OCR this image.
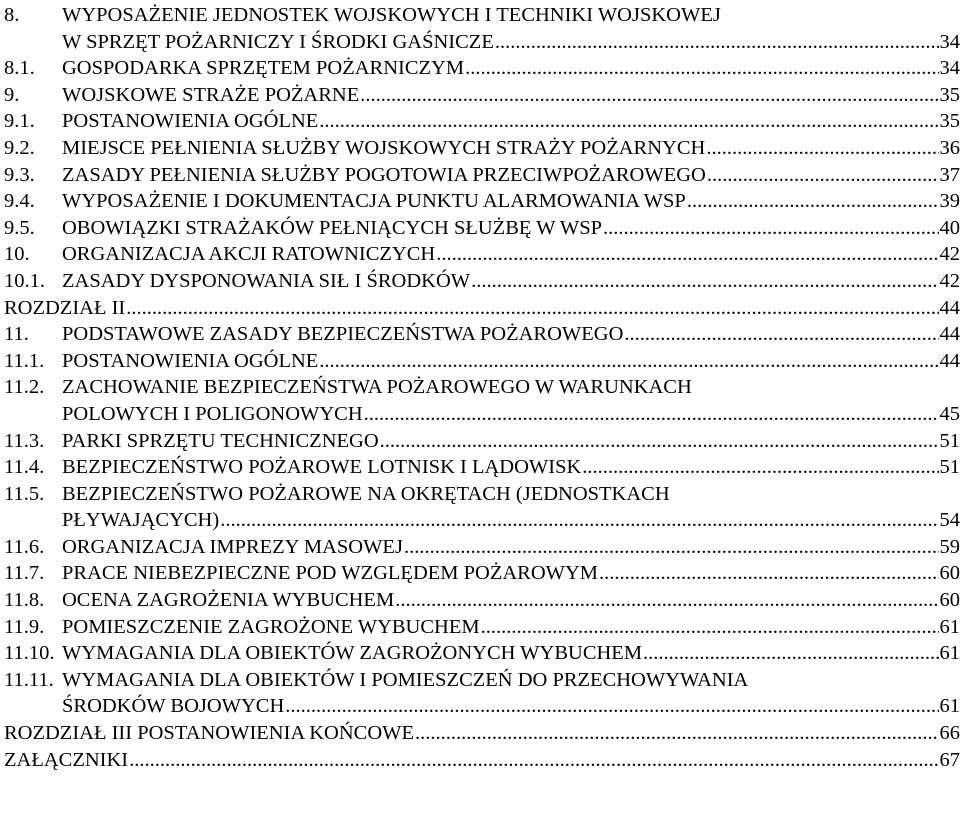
8.	WYPOSAŻENIE JEDNOSTEK WOJSKOWYCH I TECHNIKI WOJSKOWEJ
W SPRZĘT POŻARNICZY I ŚRODKI GAŚNICZE .....	34
8.1.	GOSPODARKA SPRZĘTEM POŻARNICZYM .....	34
9.	WOJSKOWE STRAŻE POŻARNE .....	35
9.1.	POSTANOWIENIA OGÓLNE .....	35
9.2.	MIEJSCE PEŁNIENIA SŁUŻBY WOJSKOWYCH STRAŻY POŻARNYCH .....	36
9.3.	ZASADY PEŁNIENIA SŁUŻBY POGOTOWIA PRZECIWPOŻAROWEGO .....	37
9.4.	WYPOSAŻENIE I DOKUMENTACJA PUNKTU ALARMOWANIA WSP .....	39
9.5.	OBOWIĄZKI STRAŻAKÓW PEŁNIĄCYCH SŁUŻBĘ W WSP .....	40
10.	ORGANIZACJA AKCJI RATOWNICZYCH .....	42
10.1. ZASADY DYSPONOWANIA SIŁ I ŚRODKÓW .....	42
ROZDZIAŁ II .....	44
11.	PODSTAWOWE ZASADY BEZPIECZEŃSTWA POŻAROWEGO .....	44
11.1. POSTANOWIENIA OGÓLNE .....	44
11.2. ZACHOWANIE BEZPIECZEŃSTWA POŻAROWEGO W WARUNKACH
POLOWYCH I POLIGONOWYCH .....	45
11.3. PARKI SPRZĘTU TECHNICZNEGO .....	51
11.4. BEZPIECZEŃSTWO POŻAROWE LOTNISK I LĄDOWISK .....	51
11.5. BEZPIECZEŃSTWO POŻAROWE NA OKRĘTACH (JEDNOSTKACH
PŁYWAJĄCYCH) .....	54
11.6. ORGANIZACJA IMPREZY MASOWEJ .....	59
11.7. PRACE NIEBEZPIECZNE POD WZGLĘDEM POŻAROWYM .....	60
11.8. OCENA ZAGROŻENIA WYBUCHEM .....	60
11.9. POMIESZCZENIE ZAGROŻONE WYBUCHEM .....	61
11.10. WYMAGANIA DLA OBIEKTÓW ZAGROŻONYCH WYBUCHEM .....	61
11.11. WYMAGANIA DLA OBIEKTÓW I POMIESZCZEŃ DO PRZECHOWYWANIA
ŚRODKÓW BOJOWYCH .....	61
ROZDZIAŁ III POSTANOWIENIA KOŃCOWE .....	66
ZAŁĄCZNIKI .....	67
